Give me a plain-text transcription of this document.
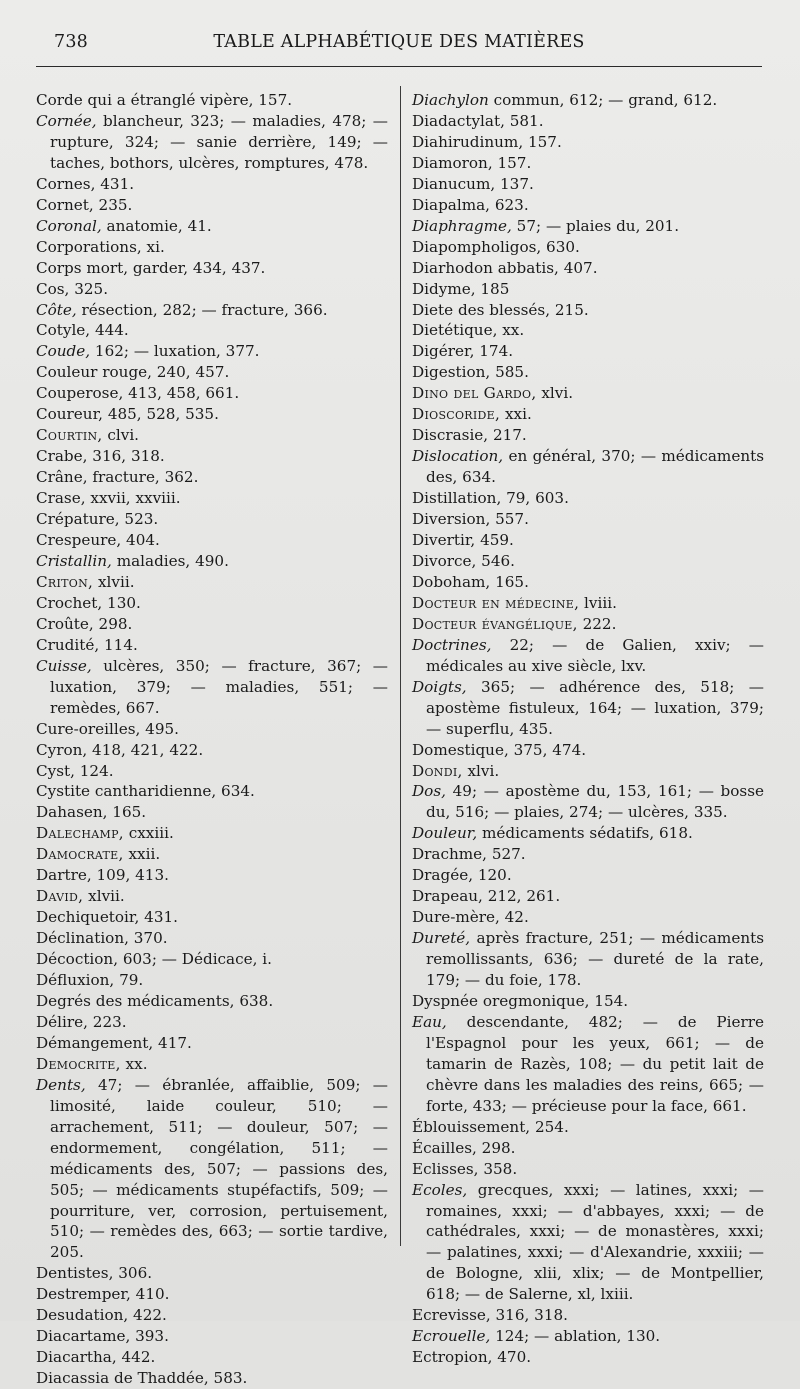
738	TABLE ALPHABÉTIQUE DES MATIÈRES

Corde qui a étranglé vipère, 157.

Cornée, blancheur, 323; — maladies, 478; — rupture, 324; — sanie derrière, 149; — taches, bothors, ulcères, romptures, 478.

Cornes, 431.

Cornet, 235.

Coronal, anatomie, 41.

Corporations, xi.

Corps mort, garder, 434, 437.

Cos, 325.

Côte, résection, 282; — fracture, 366.

Cotyle, 444.

Coude, 162; — luxation, 377.

Couleur rouge, 240, 457.

Couperose, 413, 458, 661.

Coureur, 485, 528, 535.

Courtin, clvi.

Crabe, 316, 318.

Crâne, fracture, 362.

Crase, xxvii, xxviii.

Crépature, 523.

Crespeure, 404.

Cristallin, maladies, 490.

Criton, xlvii.

Crochet, 130.

Croûte, 298.

Crudité, 114.

Cuisse, ulcères, 350; — fracture, 367; — luxation, 379; — maladies, 551; — remèdes, 667.

Cure-oreilles, 495.

Cyron, 418, 421, 422.

Cyst, 124.

Cystite cantharidienne, 634.

Dahasen, 165.

Dalechamp, cxxiii.

Damocrate, xxii.

Dartre, 109, 413.

David, xlvii.

Dechiquetoir, 431.

Déclination, 370.

Décoction, 603; — Dédicace, i.

Défluxion, 79.

Degrés des médicaments, 638.

Délire, 223.

Démangement, 417.

Democrite, xx.

Dents, 47; — ébranlée, affaiblie, 509; — limosité, laide couleur, 510; — arrachement, 511; — douleur, 507; — endormement, congélation, 511; — médicaments des, 507; — passions des, 505; — médicaments stupéfactifs, 509; — pourriture, ver, corrosion, pertuisement, 510; — remèdes des, 663; — sortie tardive, 205.

Dentistes, 306.

Destremper, 410.

Desudation, 422.

Diacartame, 393.

Diacartha, 442.

Diacassia de Thaddée, 583.

Diachylon commun, 612; — grand, 612.

Diadactylat, 581.

Diahirudinum, 157.

Diamoron, 157.

Dianucum, 137.

Diapalma, 623.

Diaphragme, 57; — plaies du, 201.

Diapompholigos, 630.

Diarhodon abbatis, 407.

Didyme, 185

Diete des blessés, 215.

Dietétique, xx.

Digérer, 174.

Digestion, 585.

Dino del Gardo, xlvi.

Dioscoride, xxi.

Discrasie, 217.

Dislocation, en général, 370; — médicaments des, 634.

Distillation, 79, 603.

Diversion, 557.

Divertir, 459.

Divorce, 546.

Doboham, 165.

Docteur en médecine, lviii.

Docteur évangélique, 222.

Doctrines, 22; — de Galien, xxiv; — médicales au xive siècle, lxv.

Doigts, 365; — adhérence des, 518; — apostème fistuleux, 164; — luxation, 379; — superflu, 435.

Domestique, 375, 474.

Dondi, xlvi.

Dos, 49; — apostème du, 153, 161; — bosse du, 516; — plaies, 274; — ulcères, 335.

Douleur, médicaments sédatifs, 618.

Drachme, 527.

Dragée, 120.

Drapeau, 212, 261.

Dure-mère, 42.

Dureté, après fracture, 251; — médicaments remollissants, 636; — dureté de la rate, 179; — du foie, 178.

Dyspnée oregmonique, 154.

Eau, descendante, 482; — de Pierre l'Espagnol pour les yeux, 661; — de tamarin de Razès, 108; — du petit lait de chèvre dans les maladies des reins, 665; — forte, 433; — précieuse pour la face, 661.

Éblouissement, 254.

Écailles, 298.

Eclisses, 358.

Ecoles, grecques, xxxi; — latines, xxxi; — romaines, xxxi; — d'abbayes, xxxi; — de cathédrales, xxxi; — de monastères, xxxi; — palatines, xxxi; — d'Alexandrie, xxxiii; — de Bologne, xlii, xlix; — de Montpellier, 618; — de Salerne, xl, lxiii.

Ecrevisse, 316, 318.

Ecrouelle, 124; — ablation, 130.

Ectropion, 470.
